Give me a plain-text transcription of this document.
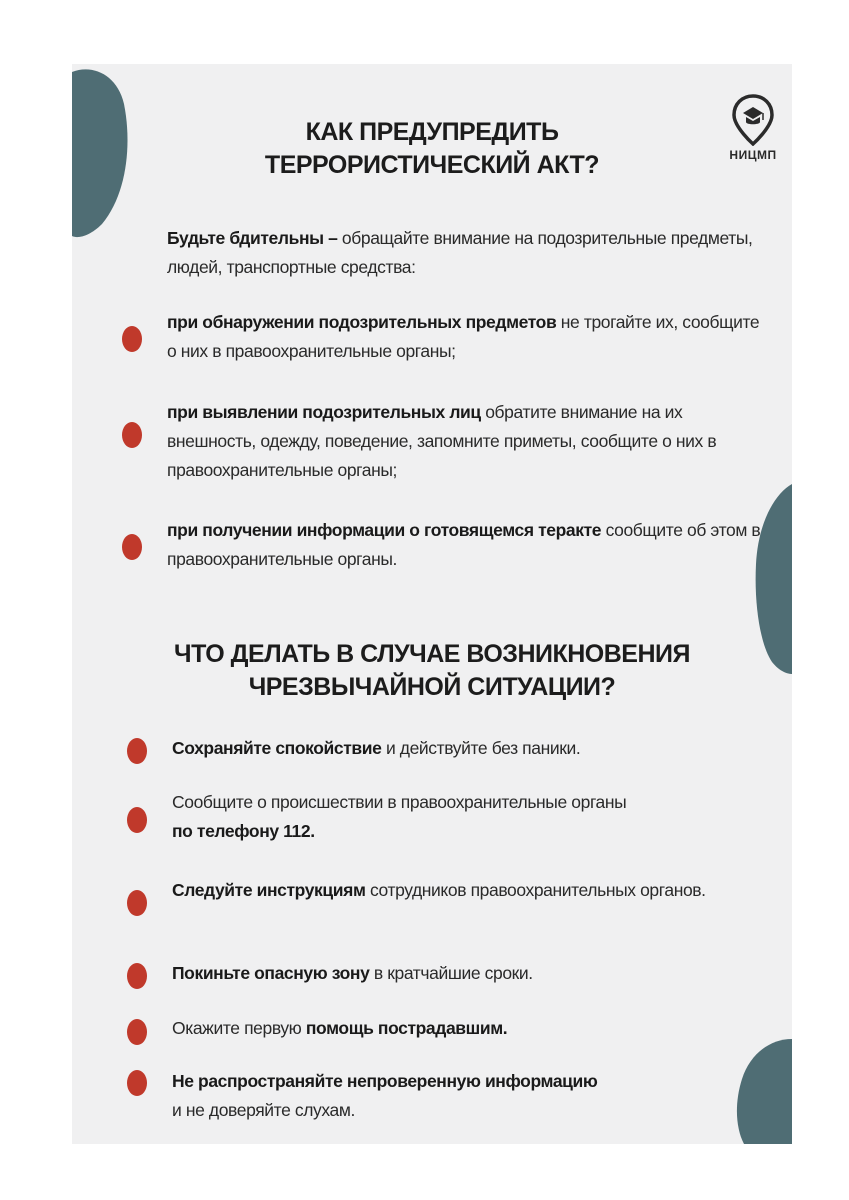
НИЦМП
КАК ПРЕДУПРЕДИТЬ
ТЕРРОРИСТИЧЕСКИЙ АКТ?
Будьте бдительны – обращайте внимание на подозрительные предметы, людей, транспортные средства:
при обнаружении подозрительных предметов не трогайте их, сообщите о них в правоохранительные органы;
при выявлении подозрительных лиц обратите внимание на их внешность, одежду, поведение, запомните приметы, сообщите о них в правоохранительные органы;
при получении информации о готовящемся теракте сообщите об этом в правоохранительные органы.
ЧТО ДЕЛАТЬ В СЛУЧАЕ ВОЗНИКНОВЕНИЯ
ЧРЕЗВЫЧАЙНОЙ СИТУАЦИИ?
Сохраняйте спокойствие и действуйте без паники.
Сообщите о происшествии в правоохранительные органы
по телефону 112.
Следуйте инструкциям сотрудников правоохранительных органов.
Покиньте опасную зону в кратчайшие сроки.
Окажите первую помощь пострадавшим.
Не распространяйте непроверенную информацию
и не доверяйте слухам.
